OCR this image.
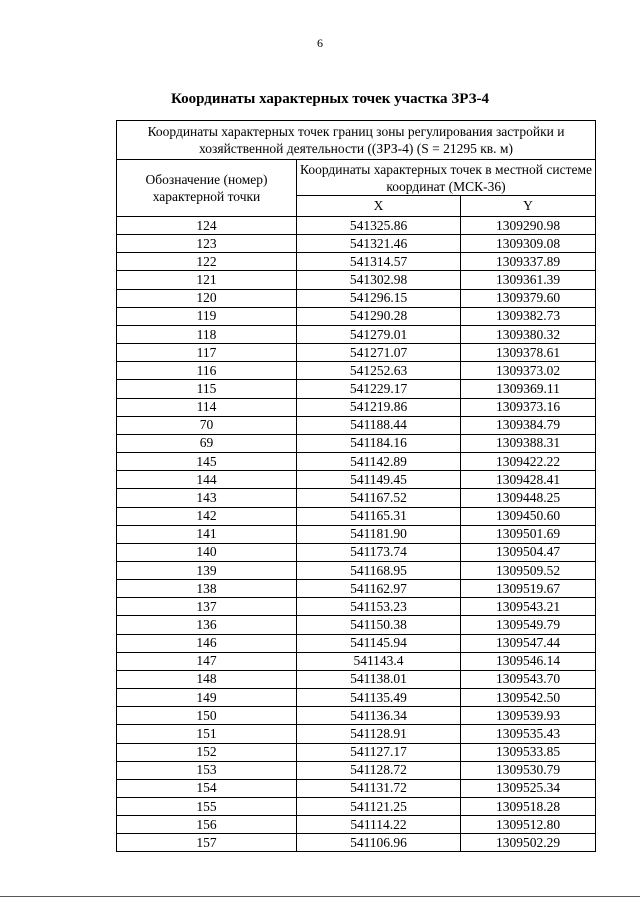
6
Координаты характерных точек участка ЗРЗ-4
Координаты характерных точек границ зоны регулирования застройки и хозяйственной деятельности ((ЗРЗ-4) (S = 21295 кв. м)		
Обозначение (номер) характерной точки	Координаты характерных точек в местной системе координат (МСК-36)	
	X	Y
124	541325.86	1309290.98
123	541321.46	1309309.08
122	541314.57	1309337.89
121	541302.98	1309361.39
120	541296.15	1309379.60
119	541290.28	1309382.73
118	541279.01	1309380.32
117	541271.07	1309378.61
116	541252.63	1309373.02
115	541229.17	1309369.11
114	541219.86	1309373.16
70	541188.44	1309384.79
69	541184.16	1309388.31
145	541142.89	1309422.22
144	541149.45	1309428.41
143	541167.52	1309448.25
142	541165.31	1309450.60
141	541181.90	1309501.69
140	541173.74	1309504.47
139	541168.95	1309509.52
138	541162.97	1309519.67
137	541153.23	1309543.21
136	541150.38	1309549.79
146	541145.94	1309547.44
147	541143.4	1309546.14
148	541138.01	1309543.70
149	541135.49	1309542.50
150	541136.34	1309539.93
151	541128.91	1309535.43
152	541127.17	1309533.85
153	541128.72	1309530.79
154	541131.72	1309525.34
155	541121.25	1309518.28
156	541114.22	1309512.80
157	541106.96	1309502.29
